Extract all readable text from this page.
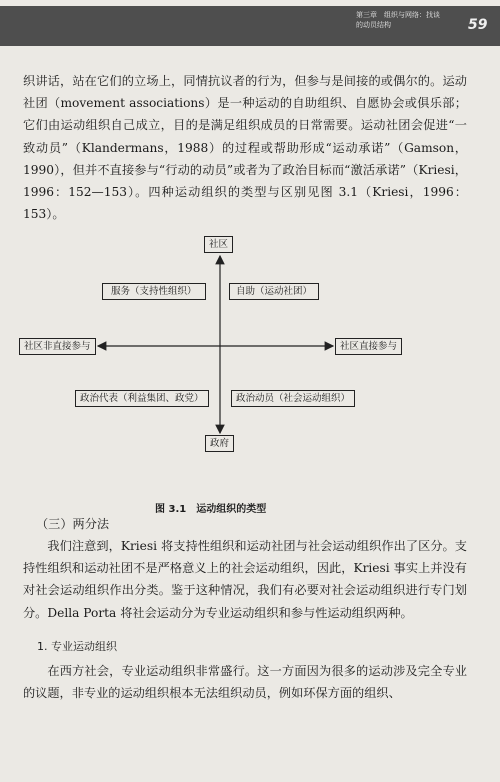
第三章　组织与网络：找谈
的动员结构	59

织讲话，站在它们的立场上，同情抗议者的行为，但参与是间接的或偶尔的。运动社团（movement associations）是一种运动的自助组织、自愿协会或俱乐部；它们由运动组织自己成立，目的是满足组织成员的日常需要。运动社团会促进“一致动员”（Klandermans，1988）的过程或帮助形成“运动承诺”（Gamson，1990），但并不直接参与“行动的动员”或者为了政治目标而“激活承诺”（Kriesi，1996：152—153）。四种运动组织的类型与区别见图 3.1（Kriesi，1996：153）。

社区
政府
社区非直接参与	社区直接参与
服务（支持性组织）	自助（运动社团）
政治代表（利益集团、政党）	政治动员（社会运动组织）
图 3.1　运动组织的类型
（三）两分法

我们注意到，Kriesi 将支持性组织和运动社团与社会运动组织作出了区分。支持性组织和运动社团不是严格意义上的社会运动组织，因此，Kriesi 事实上并没有对社会运动组织作出分类。鉴于这种情况，我们有必要对社会运动组织进行专门划分。Della Porta 将社会运动分为专业运动组织和参与性运动组织两种。

1. 专业运动组织

在西方社会，专业运动组织非常盛行。这一方面因为很多的运动涉及完全专业的议题，非专业的运动组织根本无法组织动员，例如环保方面的组织、
